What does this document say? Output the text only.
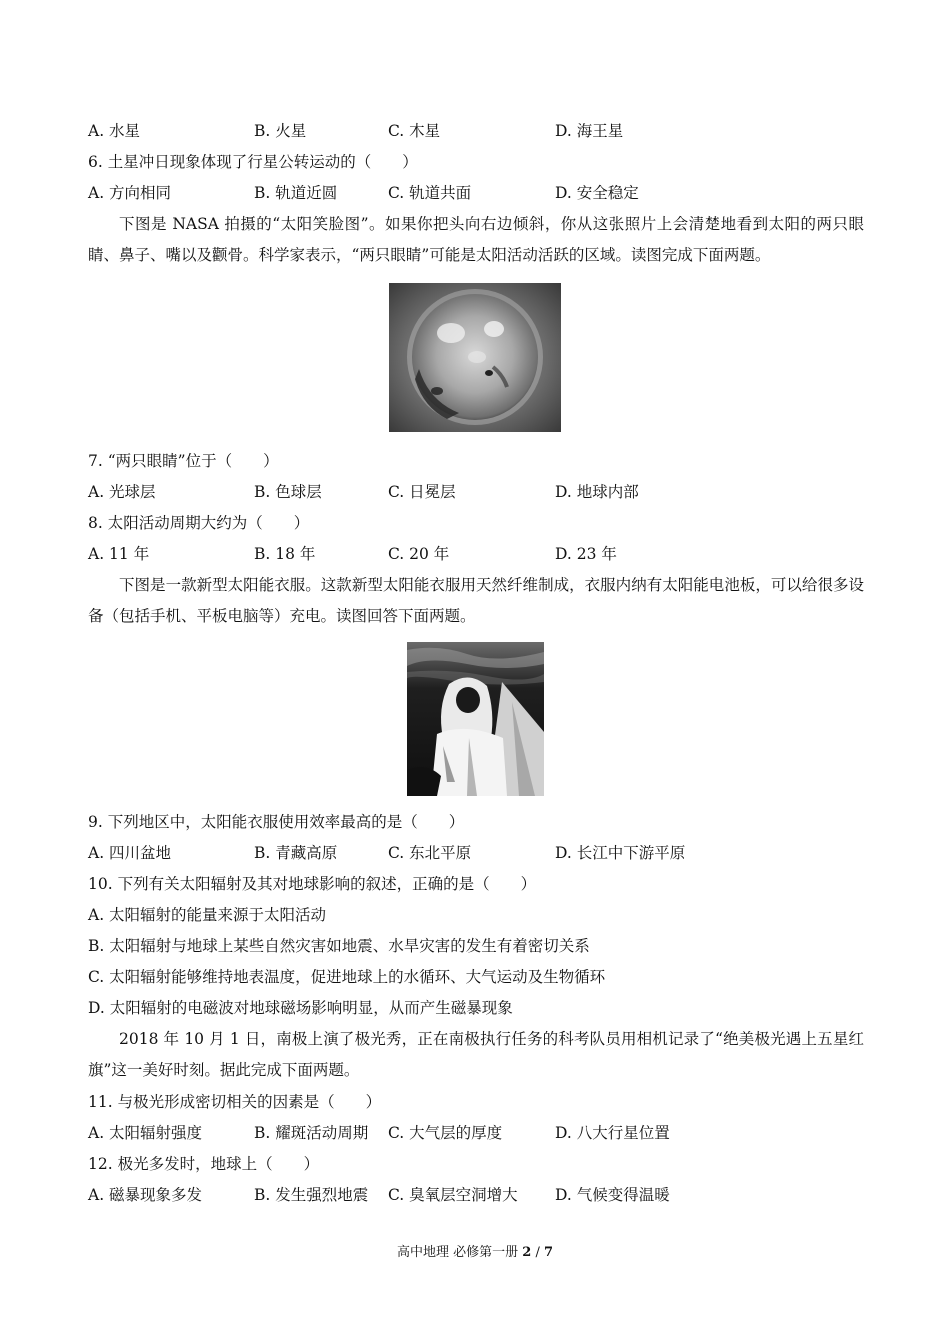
A. 水星	B. 火星	C. 木星	D. 海王星
6. 土星冲日现象体现了行星公转运动的（　　）
A. 方向相同	B. 轨道近圆	C. 轨道共面	D. 安全稳定
下图是 NASA 拍摄的“太阳笑脸图”。如果你把头向右边倾斜，你从这张照片上会清楚地看到太阳的两只眼睛、鼻子、嘴以及颧骨。科学家表示，“两只眼睛”可能是太阳活动活跃的区域。读图完成下面两题。
7. “两只眼睛”位于（　　）
A. 光球层	B. 色球层	C. 日冕层	D. 地球内部
8. 太阳活动周期大约为（　　）
A. 11 年	B. 18 年	C. 20 年	D. 23 年
下图是一款新型太阳能衣服。这款新型太阳能衣服用天然纤维制成，衣服内纳有太阳能电池板，可以给很多设备（包括手机、平板电脑等）充电。读图回答下面两题。
9. 下列地区中，太阳能衣服使用效率最高的是（　　）
A. 四川盆地	B. 青藏高原	C. 东北平原	D. 长江中下游平原
10. 下列有关太阳辐射及其对地球影响的叙述，正确的是（　　）
A. 太阳辐射的能量来源于太阳活动
B. 太阳辐射与地球上某些自然灾害如地震、水旱灾害的发生有着密切关系
C. 太阳辐射能够维持地表温度，促进地球上的水循环、大气运动及生物循环
D. 太阳辐射的电磁波对地球磁场影响明显，从而产生磁暴现象
2018 年 10 月 1 日，南极上演了极光秀，正在南极执行任务的科考队员用相机记录了“绝美极光遇上五星红旗”这一美好时刻。据此完成下面两题。
11. 与极光形成密切相关的因素是（　　）
A. 太阳辐射强度	B. 耀斑活动周期 C. 大气层的厚度	D. 八大行星位置
12. 极光多发时，地球上（　　）
A. 磁暴现象多发	B. 发生强烈地震 C. 臭氧层空洞增大 D. 气候变得温暖
高中地理 必修第一册 2 / 7
